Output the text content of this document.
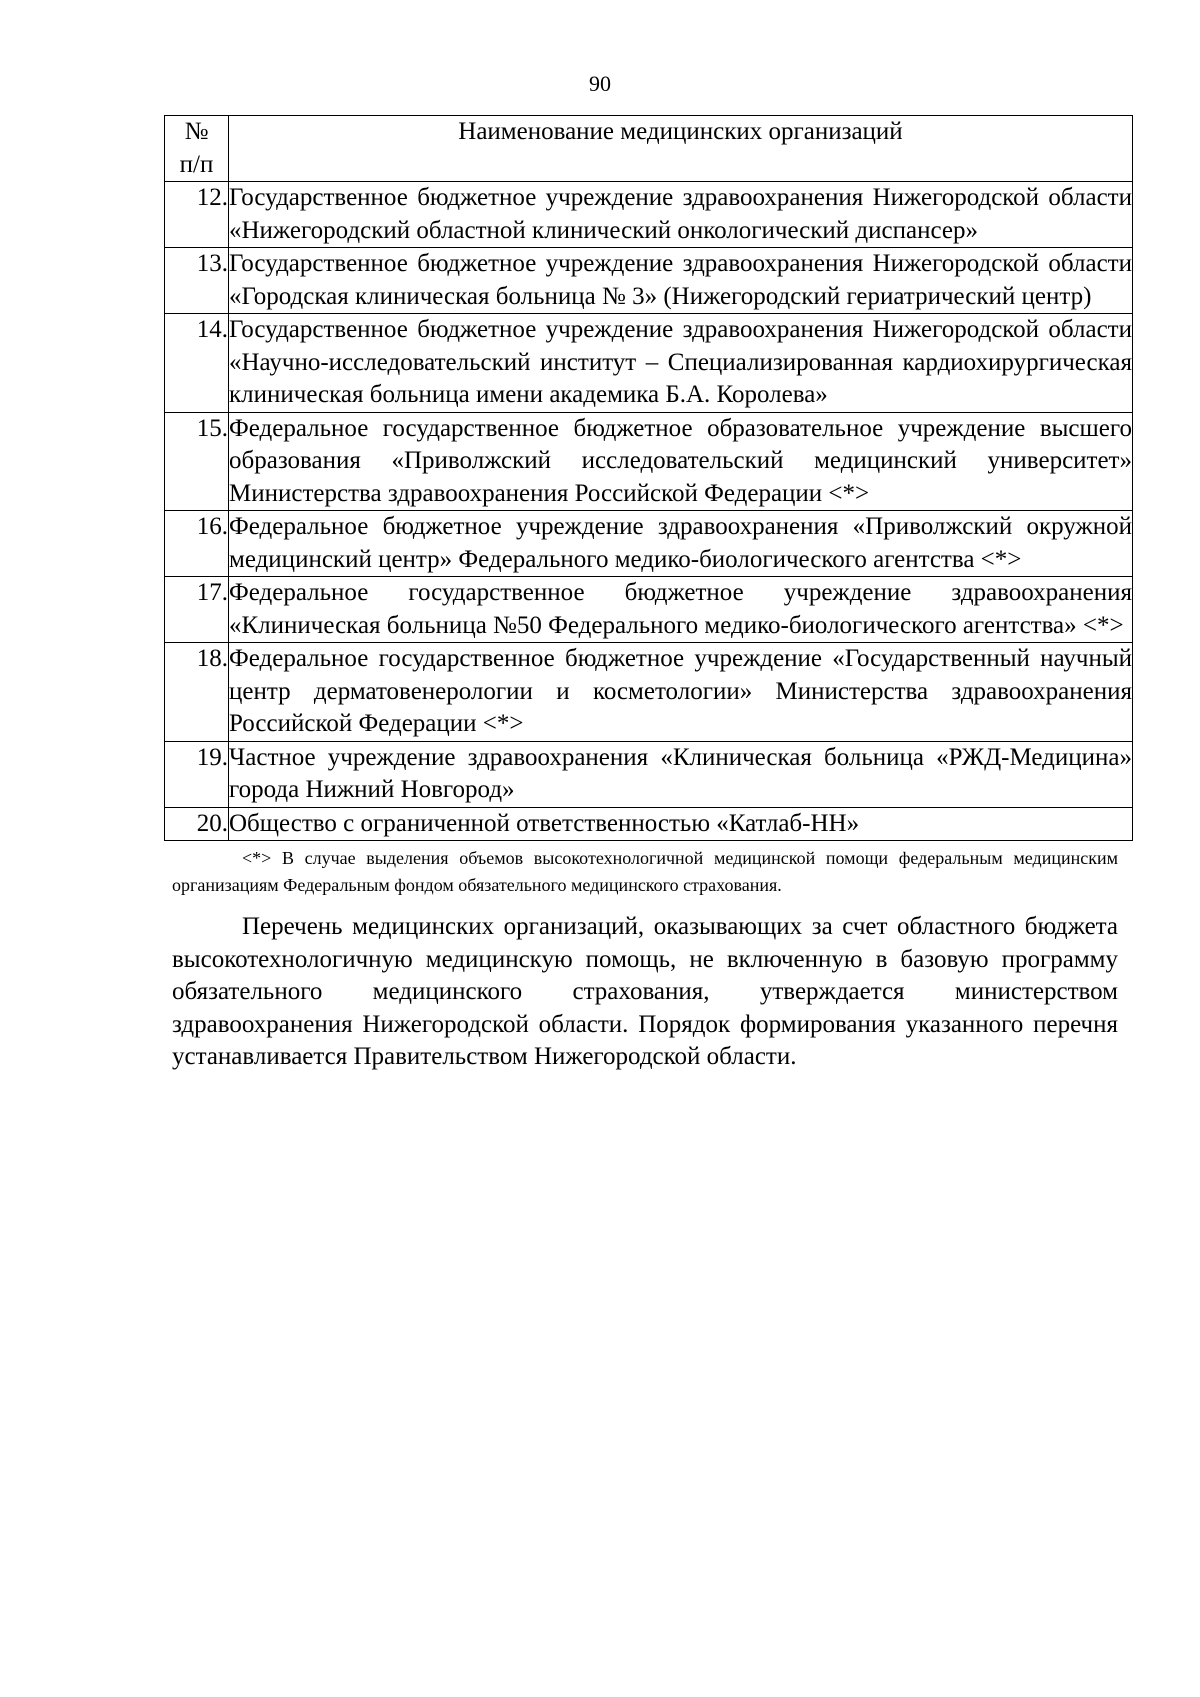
90
№
п/п	Наименование медицинских организаций
12.	Государственное бюджетное учреждение здравоохранения Нижегородской области «Нижегородский областной клинический онкологический диспансер»
13.	Государственное бюджетное учреждение здравоохранения Нижегородской области «Городская клиническая больница № 3» (Нижегородский гериатрический центр)
14.	Государственное бюджетное учреждение здравоохранения Нижегородской области «Научно-исследовательский институт – Специализированная кардиохирургическая клиническая больница имени академика Б.А. Королева»
15.	Федеральное государственное бюджетное образовательное учреждение высшего образования «Приволжский исследовательский медицинский университет» Министерства здравоохранения Российской Федерации <*>
16.	Федеральное бюджетное учреждение здравоохранения «Приволжский окружной медицинский центр» Федерального медико-биологического агентства <*>
17.	Федеральное государственное бюджетное учреждение здравоохранения «Клиническая больница №50 Федерального медико-биологического агентства» <*>
18.	Федеральное государственное бюджетное учреждение «Государственный научный центр дерматовенерологии и косметологии» Министерства здравоохранения Российской Федерации <*>
19.	Частное учреждение здравоохранения «Клиническая больница «РЖД-Медицина» города Нижний Новгород»
20.	Общество с ограниченной ответственностью «Катлаб-НН»

<*> В случае выделения объемов высокотехнологичной медицинской помощи федеральным медицинским организациям Федеральным фондом обязательного медицинского страхования.

Перечень медицинских организаций, оказывающих за счет областного бюджета высокотехнологичную медицинскую помощь, не включенную в базовую программу обязательного медицинского страхования, утверждается министерством здравоохранения Нижегородской области. Порядок формирования указанного перечня устанавливается Правительством Нижегородской области.
